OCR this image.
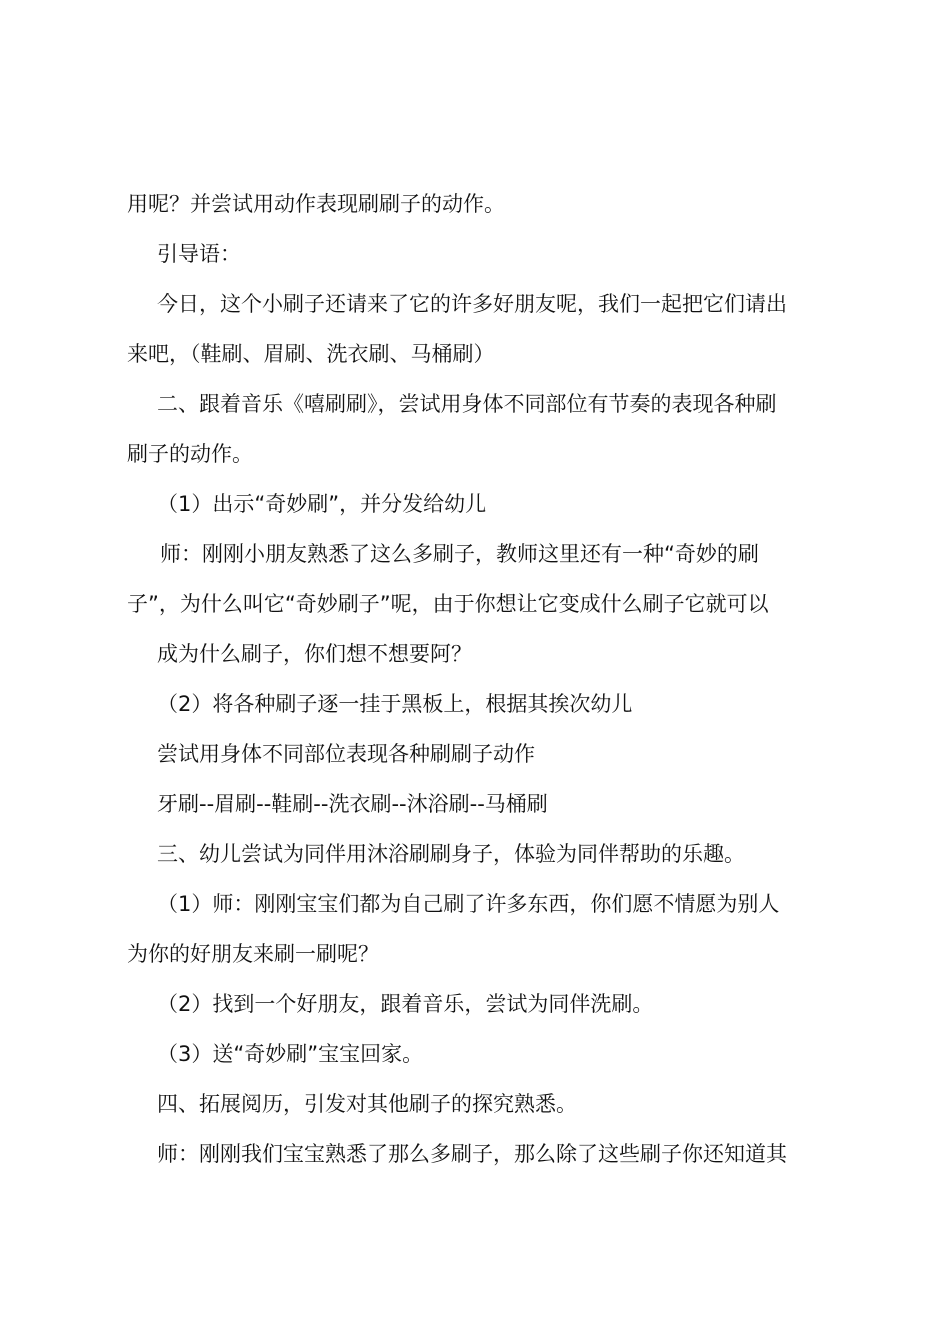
用呢？并尝试用动作表现刷刷子的动作。
引导语：
今日，这个小刷子还请来了它的许多好朋友呢，我们一起把它们请出
来吧，（鞋刷、眉刷、洗衣刷、马桶刷）
二、跟着音乐《嘻刷刷》，尝试用身体不同部位有节奏的表现各种刷
刷子的动作。
（1）出示“奇妙刷”，并分发给幼儿
师：刚刚小朋友熟悉了这么多刷子，教师这里还有一种“奇妙的刷
子”，为什么叫它“奇妙刷子”呢，由于你想让它变成什么刷子它就可以
成为什么刷子，你们想不想要阿？
（2）将各种刷子逐一挂于黑板上，根据其挨次幼儿
尝试用身体不同部位表现各种刷刷子动作
牙刷--眉刷--鞋刷--洗衣刷--沐浴刷--马桶刷
三、幼儿尝试为同伴用沐浴刷刷身子，体验为同伴帮助的乐趣。
（1）师：刚刚宝宝们都为自己刷了许多东西，你们愿不情愿为别人
为你的好朋友来刷一刷呢？
（2）找到一个好朋友，跟着音乐，尝试为同伴洗刷。
（3）送“奇妙刷”宝宝回家。
四、拓展阅历，引发对其他刷子的探究熟悉。
师：刚刚我们宝宝熟悉了那么多刷子，那么除了这些刷子你还知道其
